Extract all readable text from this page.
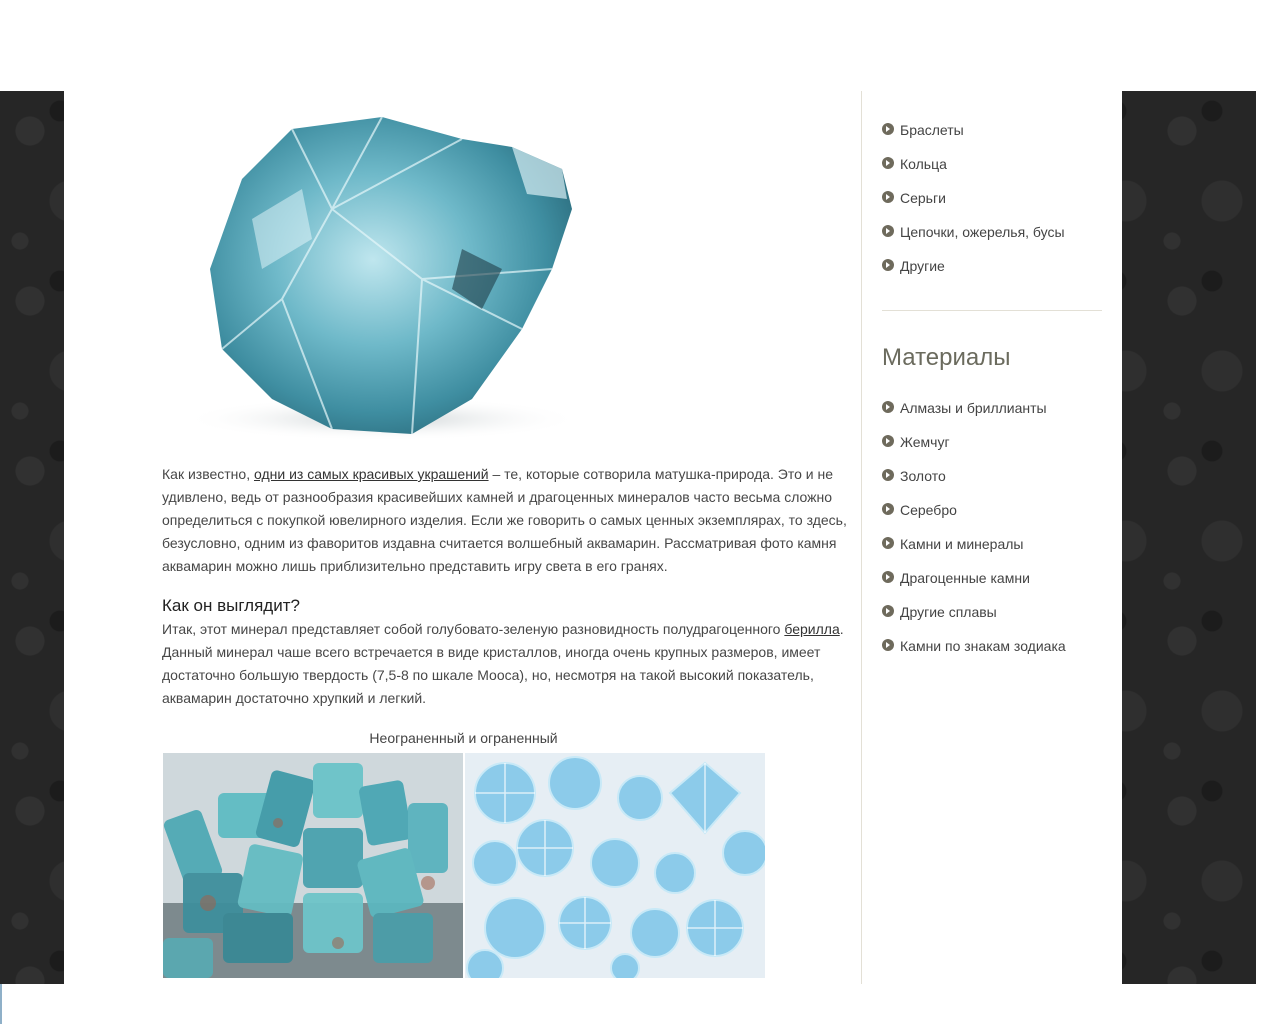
Как известно, одни из самых красивых украшений – те, которые сотворила матушка-природа. Это и не удивлено, ведь от разнообразия красивейших камней и драгоценных минералов часто весьма сложно определиться с покупкой ювелирного изделия. Если же говорить о самых ценных экземплярах, то здесь, безусловно, одним из фаворитов издавна считается волшебный аквамарин. Рассматривая фото камня аквамарин можно лишь приблизительно представить игру света в его гранях.
Как он выглядит?
Итак, этот минерал представляет собой голубовато-зеленую разновидность полудрагоценного берилла. Данный минерал чаше всего встречается в виде кристаллов, иногда очень крупных размеров, имеет достаточно большую твердость (7,5-8 по шкале Мооса), но, несмотря на такой высокий показатель, аквамарин достаточно хрупкий и легкий.
Неограненный и ограненный
Браслеты
Кольца
Серьги
Цепочки, ожерелья, бусы
Другие
Материалы
Алмазы и бриллианты
Жемчуг
Золото
Серебро
Камни и минералы
Драгоценные камни
Другие сплавы
Камни по знакам зодиака
